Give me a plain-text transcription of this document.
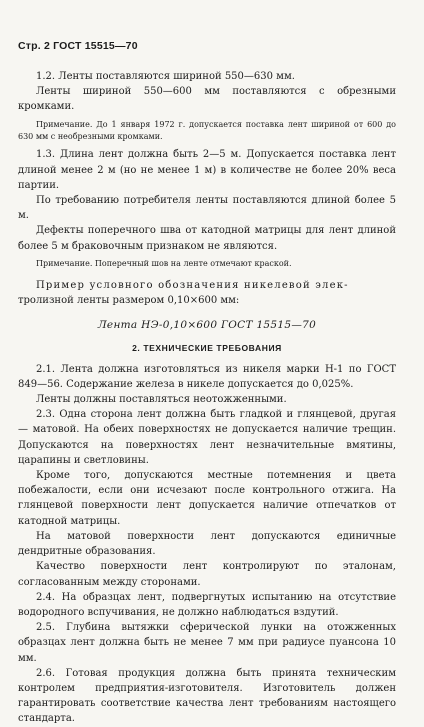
Стр. 2 ГОСТ 15515—70

1.2. Ленты поставляются шириной 550—630 мм.

Ленты шириной 550—600 мм поставляются с обрезными кромками.

Примечание. До 1 января 1972 г. допускается поставка лент шириной от 600 до 630 мм с необрезными кромками.

1.3. Длина лент должна быть 2—5 м. Допускается поставка лент длиной менее 2 м (но не менее 1 м) в количестве не более 20% веса партии.

По требованию потребителя ленты поставляются длиной более 5 м.

Дефекты поперечного шва от катодной матрицы для лент длиной более 5 м браковочным признаком не являются.

Примечание. Поперечный шов на ленте отмечают краской.

Пример условного обозначения никелевой элек-

тролизной ленты размером 0,10×600 мм:

Лента НЭ-0,10×600 ГОСТ 15515—70
2. ТЕХНИЧЕСКИЕ ТРЕБОВАНИЯ

2.1. Лента должна изготовляться из никеля марки Н-1 по ГОСТ 849—56. Содержание железа в никеле допускается до 0,025%.

Ленты должны поставляться неотожженными.

2.3. Одна сторона лент должна быть гладкой и глянцевой, другая — матовой. На обеих поверхностях не допускается наличие трещин. Допускаются на поверхностях лент незначительные вмятины, царапины и светловины.

Кроме того, допускаются местные потемнения и цвета побежалости, если они исчезают после контрольного отжига. На глянцевой поверхности лент допускается наличие отпечатков от катодной матрицы.

На матовой поверхности лент допускаются единичные дендритные образования.

Качество поверхности лент контролируют по эталонам, согласованным между сторонами.

2.4. На образцах лент, подвергнутых испытанию на отсутствие водородного вспучивания, не должно наблюдаться вздутий.

2.5. Глубина вытяжки сферической лунки на отожженных образцах лент должна быть не менее 7 мм при радиусе пуансона 10 мм.

2.6. Готовая продукция должна быть принята техническим контролем предприятия-изготовителя. Изготовитель должен гарантировать соответствие качества лент требованиям настоящего стандарта.
